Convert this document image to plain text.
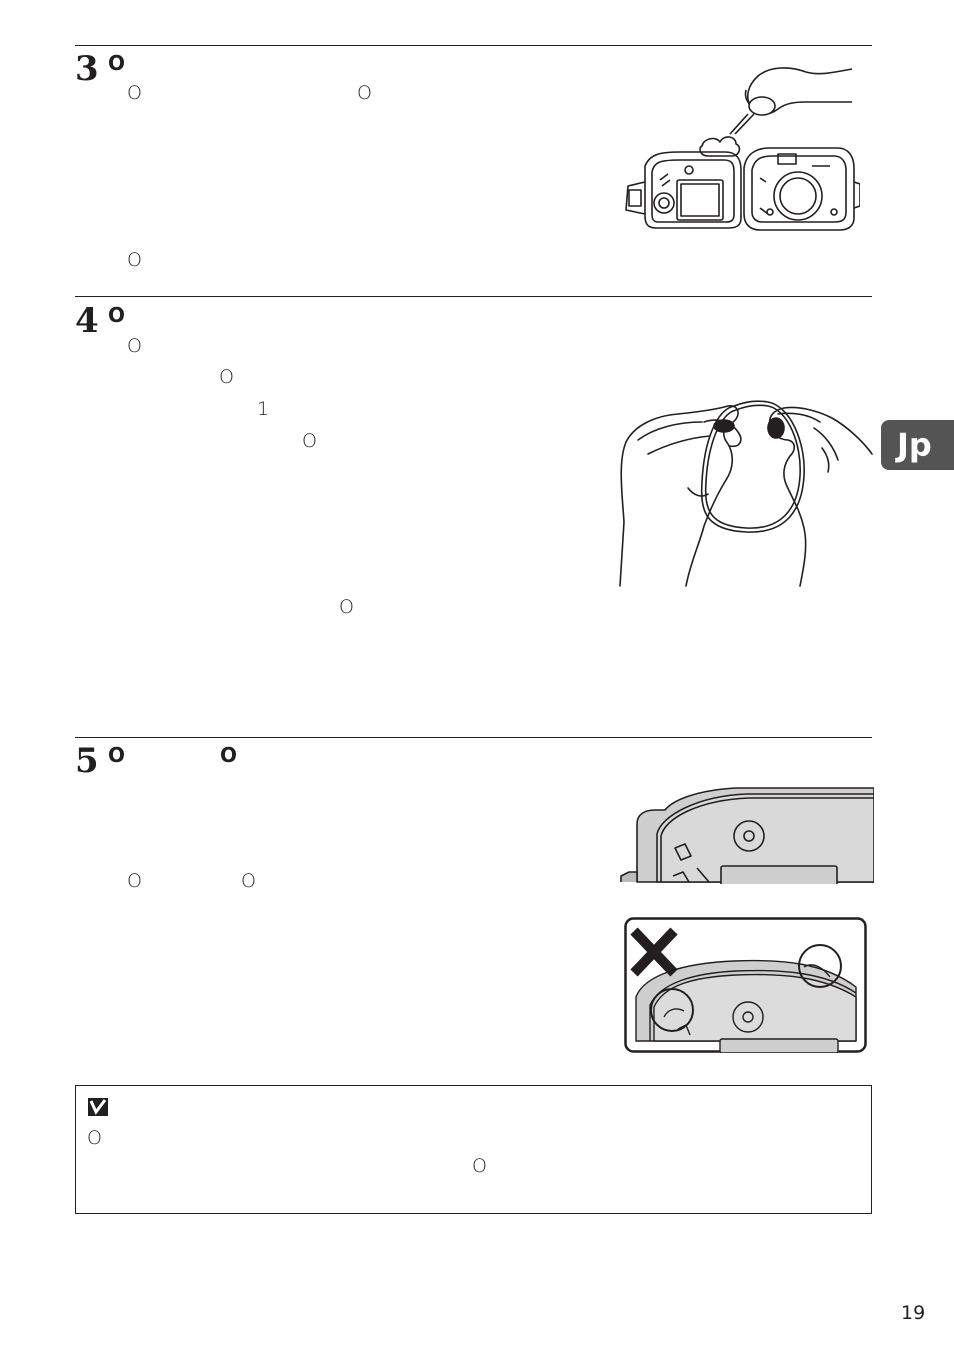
3 O
O	O
O
4 O
O
O
1
O
O
5 O	O
O	O
Jp
O
O
19
